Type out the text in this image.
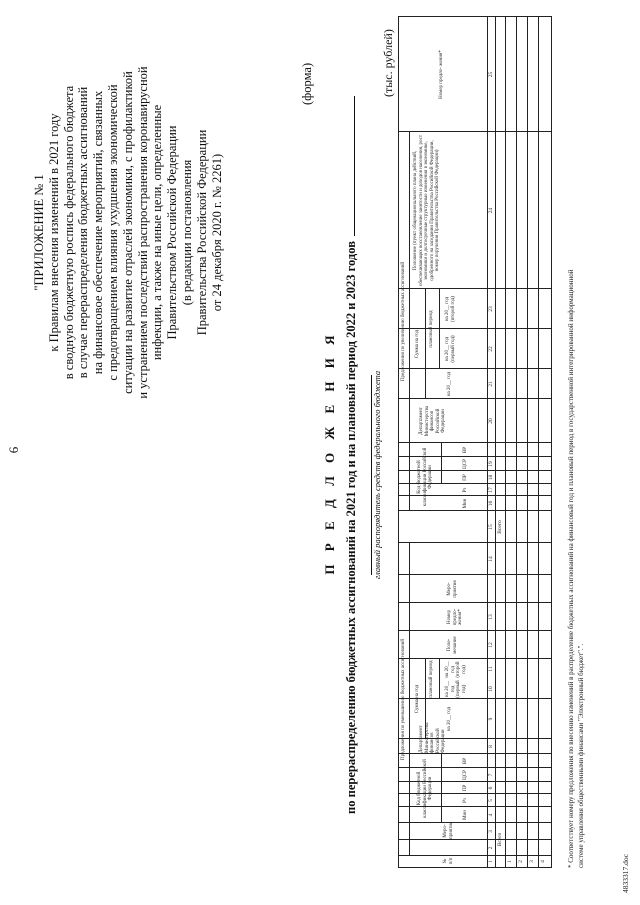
6
"ПРИЛОЖЕНИЕ № 1 к Правилам внесения изменений в 2021 году в сводную бюджетную роспись федерального бюджета в случае перераспределения бюджетных ассигнований на финансовое обеспечение мероприятий, связанных с предотвращением влияния ухудшения экономической ситуации на развитие отраслей экономики, с профилактикой и устранением последствий распространения коронавирусной инфекции, а также на иные цели, определенные Правительством Российской Федерации (в редакции постановления Правительства Российской Федерации от 24 декабря 2020 г. № 2261)
(форма)
П Р Е Д Л О Ж Е Н И Я по перераспределению бюджетных ассигнований на 2021 год и на плановый период 2022 и 2023 годов главный распорядитель средств федерального бюджета
(тыс. рублей)
Предложения по уменьшению бюджетных ассигнований
Предложения по увеличению бюджетных ассигнований
№ п/п
Меро- приятия
Код бюджетной классификации Российской Федерации
Мин
Рз
ПР
ЦСР
ВР
Департамент Министерства финансов Российской Федерации
Сумма на год
на 20__ год
плановый период на 20__ год (первый год)
на 20__ год (второй год)
Поле- мечание
Номер предло- жения*
Меро- приятия
Код бюджетной классификации Российской Федерации
Мин
Рз
ПР
ЦСР
ВР
Департамент Министерства финансов Российской Федерации
Сумма на год
на 20__ год
плановый период
на 20__ год (первый год)
на 20__ год (второй год)
Положение (пункт общенационального плана действий, обеспечивающих восстановление занятости и доходов населения, рост экономики и долгосрочные структурные изменения в экономике, одобренного на заседании Правительства Российской Федерации, номер поручения Правительства Российской Федерации)
Номер предло- жения*
1
2
3
4
5
6
7
8
9
10
11
12
13
14
15
16
17
18
19
20
21
22
23
24
25
Всего
Всего
1 2 3 4	* Соответствует номеру предложения по внесению изменений в распределение бюджетных ассигнований на финансовый год и плановый период в государственной интегрированной информационной системе управления общественными финансами "Электронный бюджет".".
4833317.doc
